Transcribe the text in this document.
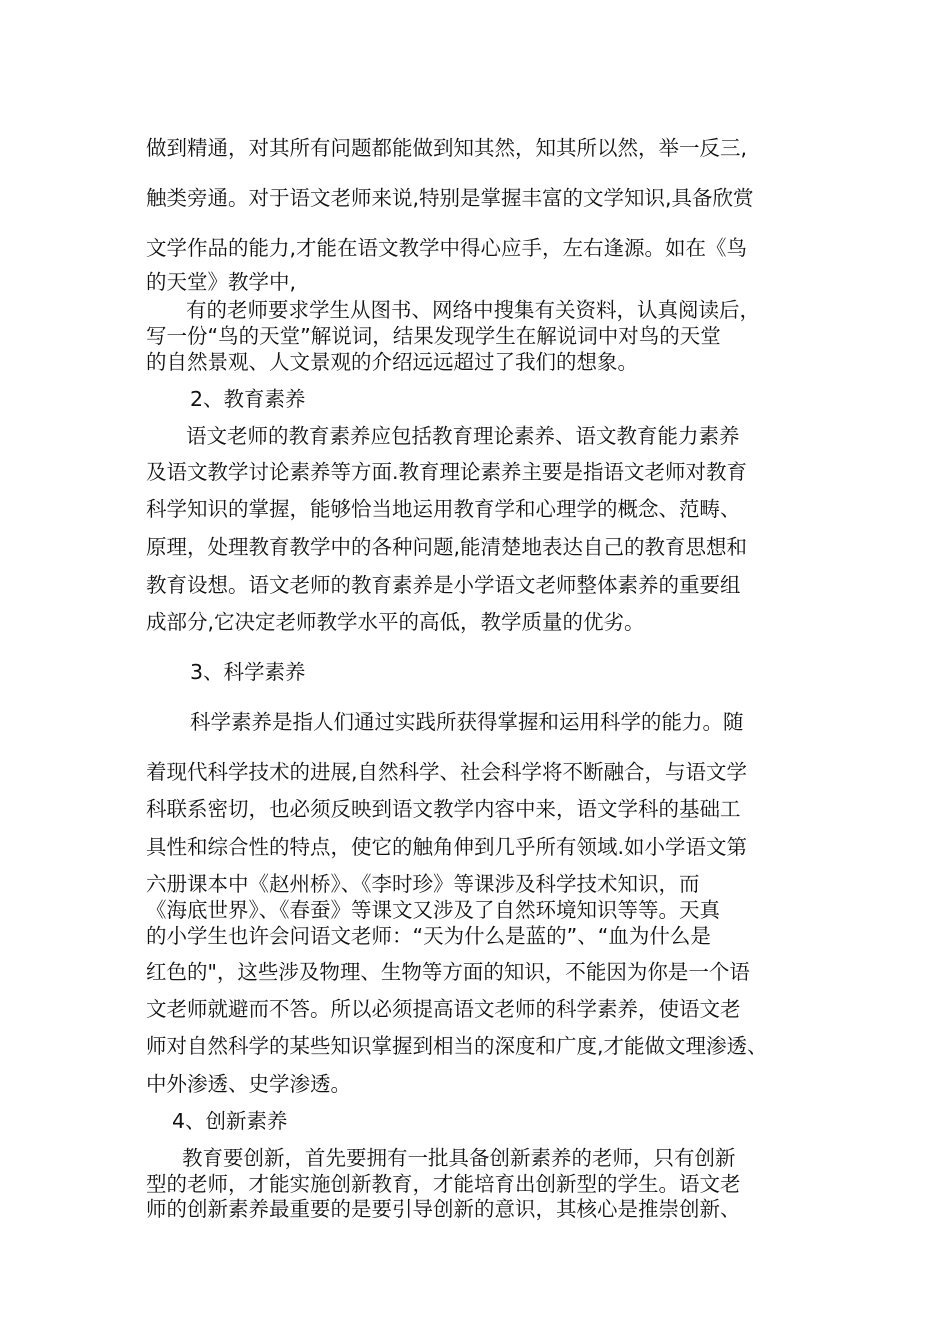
做到精通，对其所有问题都能做到知其然，知其所以然，举一反三,
触类旁通。对于语文老师来说,特别是掌握丰富的文学知识,具备欣赏
文学作品的能力,才能在语文教学中得心应手，左右逢源。如在《鸟
的天堂》教学中,
有的老师要求学生从图书、网络中搜集有关资料，认真阅读后，
写一份“鸟的天堂”解说词，结果发现学生在解说词中对鸟的天堂
的自然景观、人文景观的介绍远远超过了我们的想象。
2、教育素养
语文老师的教育素养应包括教育理论素养、语文教育能力素养
及语文教学讨论素养等方面.教育理论素养主要是指语文老师对教育
科学知识的掌握，能够恰当地运用教育学和心理学的概念、范畴、
原理，处理教育教学中的各种问题,能清楚地表达自己的教育思想和
教育设想。语文老师的教育素养是小学语文老师整体素养的重要组
成部分,它决定老师教学水平的高低，教学质量的优劣。
3、科学素养
科学素养是指人们通过实践所获得掌握和运用科学的能力。随
着现代科学技术的进展,自然科学、社会科学将不断融合，与语文学
科联系密切，也必须反映到语文教学内容中来，语文学科的基础工
具性和综合性的特点，使它的触角伸到几乎所有领域.如小学语文第
六册课本中《赵州桥》、《李时珍》等课涉及科学技术知识，而
《海底世界》、《春蚕》等课文又涉及了自然环境知识等等。天真
的小学生也许会问语文老师：“天为什么是蓝的”、“血为什么是
红色的"，这些涉及物理、生物等方面的知识，不能因为你是一个语
文老师就避而不答。所以必须提高语文老师的科学素养，使语文老
师对自然科学的某些知识掌握到相当的深度和广度,才能做文理渗透、
中外渗透、史学渗透。
4、创新素养
教育要创新，首先要拥有一批具备创新素养的老师，只有创新
型的老师，才能实施创新教育，才能培育出创新型的学生。语文老
师的创新素养最重要的是要引导创新的意识，其核心是推崇创新、
